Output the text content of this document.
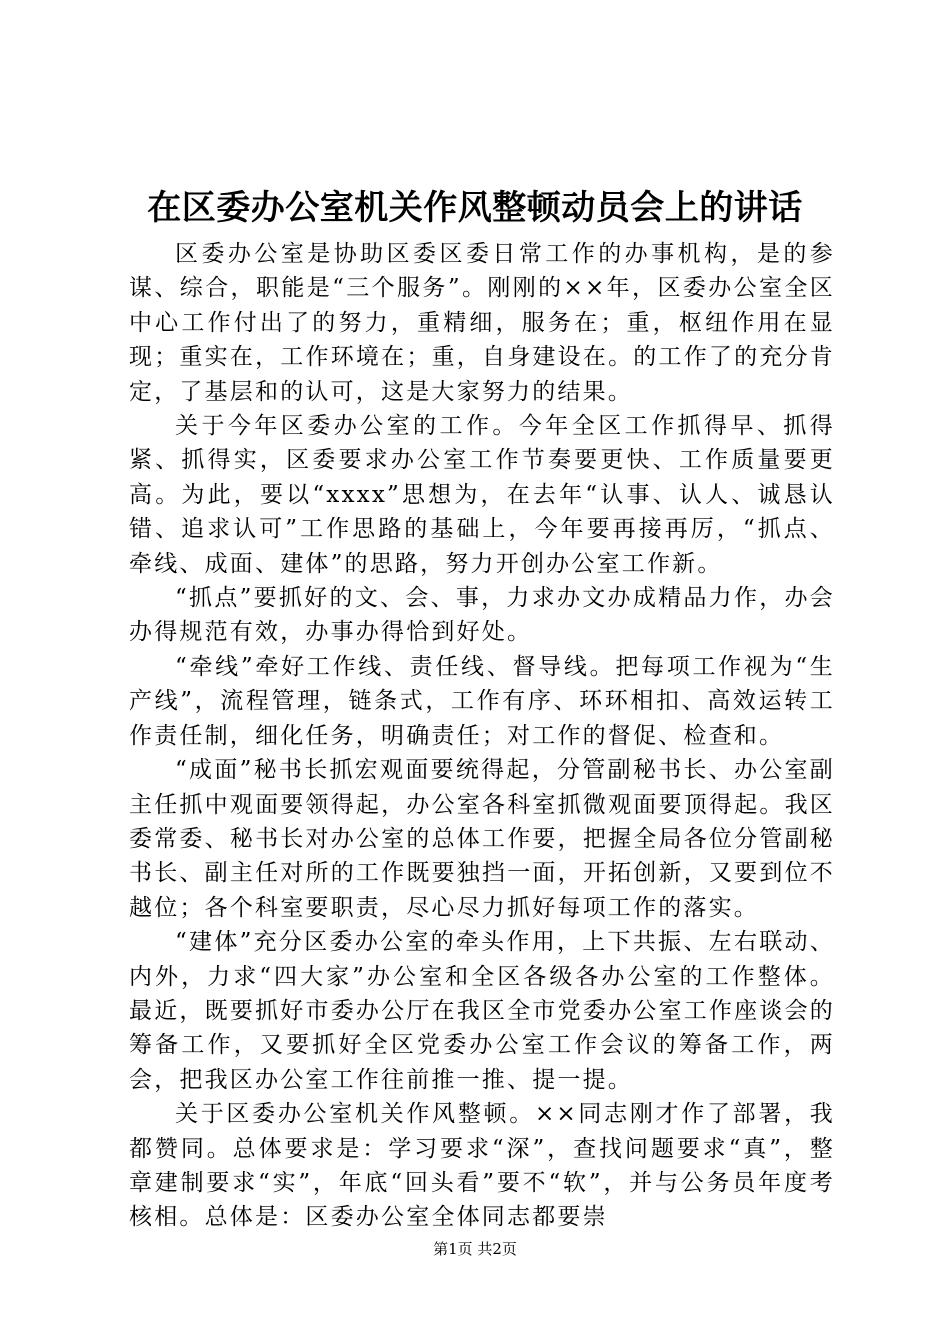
在区委办公室机关作风整顿动员会上的讲话

区委办公室是协助区委区委日常工作的办事机构，是的参谋、综合，职能是“三个服务”。刚刚的××年，区委办公室全区中心工作付出了的努力，重精细，服务在；重，枢纽作用在显现；重实在，工作环境在；重，自身建设在。的工作了的充分肯定，了基层和的认可，这是大家努力的结果。

关于今年区委办公室的工作。今年全区工作抓得早、抓得紧、抓得实，区委要求办公室工作节奏要更快、工作质量要更高。为此，要以“xxxx”思想为，在去年“认事、认人、诚恳认错、追求认可”工作思路的基础上，今年要再接再厉，“抓点、牵线、成面、建体”的思路，努力开创办公室工作新。

“抓点”要抓好的文、会、事，力求办文办成精品力作，办会办得规范有效，办事办得恰到好处。

“牵线”牵好工作线、责任线、督导线。把每项工作视为“生产线”，流程管理，链条式，工作有序、环环相扣、高效运转工作责任制，细化任务，明确责任；对工作的督促、检查和。

“成面”秘书长抓宏观面要统得起，分管副秘书长、办公室副主任抓中观面要领得起，办公室各科室抓微观面要顶得起。我区委常委、秘书长对办公室的总体工作要，把握全局各位分管副秘书长、副主任对所的工作既要独挡一面，开拓创新，又要到位不越位；各个科室要职责，尽心尽力抓好每项工作的落实。

“建体”充分区委办公室的牵头作用，上下共振、左右联动、内外，力求“四大家”办公室和全区各级各办公室的工作整体。最近，既要抓好市委办公厅在我区全市党委办公室工作座谈会的筹备工作，又要抓好全区党委办公室工作会议的筹备工作，两会，把我区办公室工作往前推一推、提一提。

关于区委办公室机关作风整顿。××同志刚才作了部署，我都赞同。总体要求是：学习要求“深”，查找问题要求“真”，整章建制要求“实”，年底“回头看”要不“软”，并与公务员年度考核相。总体是：区委办公室全体同志都要崇

第1页 共2页
